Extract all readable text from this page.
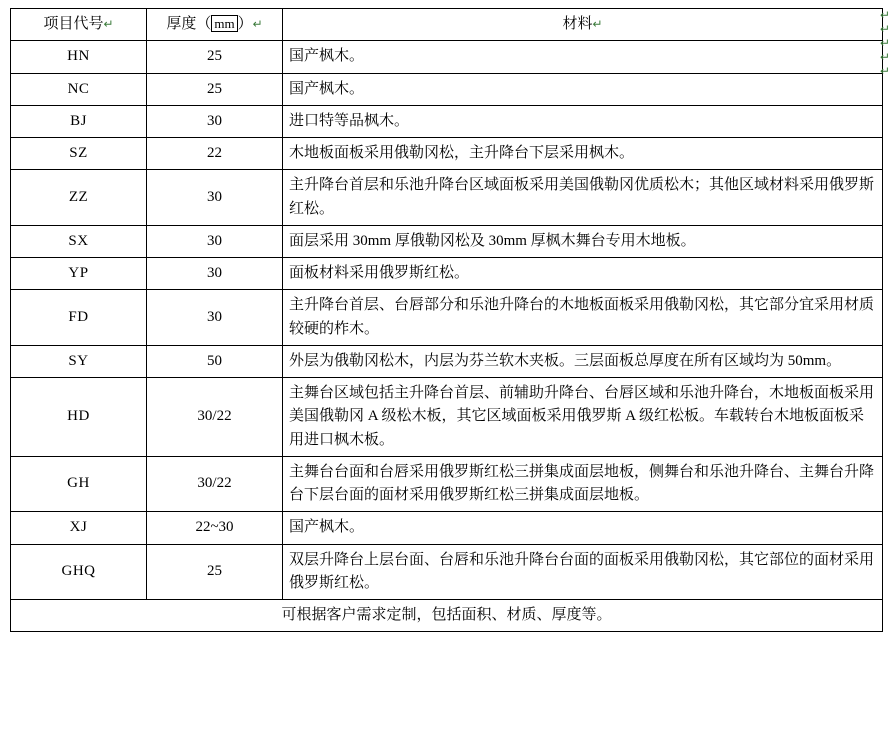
项目代号↵	厚度（ mm ）↵	材料↵
HN	25	国产枫木。
NC	25	国产枫木。
BJ	30	进口特等品枫木。
SZ	22	木地板面板采用俄勒冈松，主升降台下层采用枫木。
ZZ	30	主升降台首层和乐池升降台区域面板采用美国俄勒冈优质松木；其他区域材料采用俄罗斯红松。
SX	30	面层采用 30mm 厚俄勒冈松及 30mm 厚枫木舞台专用木地板。
YP	30	面板材料采用俄罗斯红松。
FD	30	主升降台首层、台唇部分和乐池升降台的木地板面板采用俄勒冈松，其它部分宜采用材质较硬的柞木。
SY	50	外层为俄勒冈松木，内层为芬兰软木夹板。三层面板总厚度在所有区域均为 50mm。
HD	30/22	主舞台区域包括主升降台首层、前辅助升降台、台唇区域和乐池升降台，木地板面板采用美国俄勒冈 A 级松木板，其它区域面板采用俄罗斯 A 级红松板。车载转台木地板面板采用进口枫木板。
GH	30/22	主舞台台面和台唇采用俄罗斯红松三拼集成面层地板，侧舞台和乐池升降台、主舞台升降台下层台面的面材采用俄罗斯红松三拼集成面层地板。
XJ	22~30	国产枫木。
GHQ	25	双层升降台上层台面、台唇和乐池升降台台面的面板采用俄勒冈松，其它部位的面材采用俄罗斯红松。
可根据客户需求定制，包括面积、材质、厚度等。		
↵
↵
↵
↵
↵
